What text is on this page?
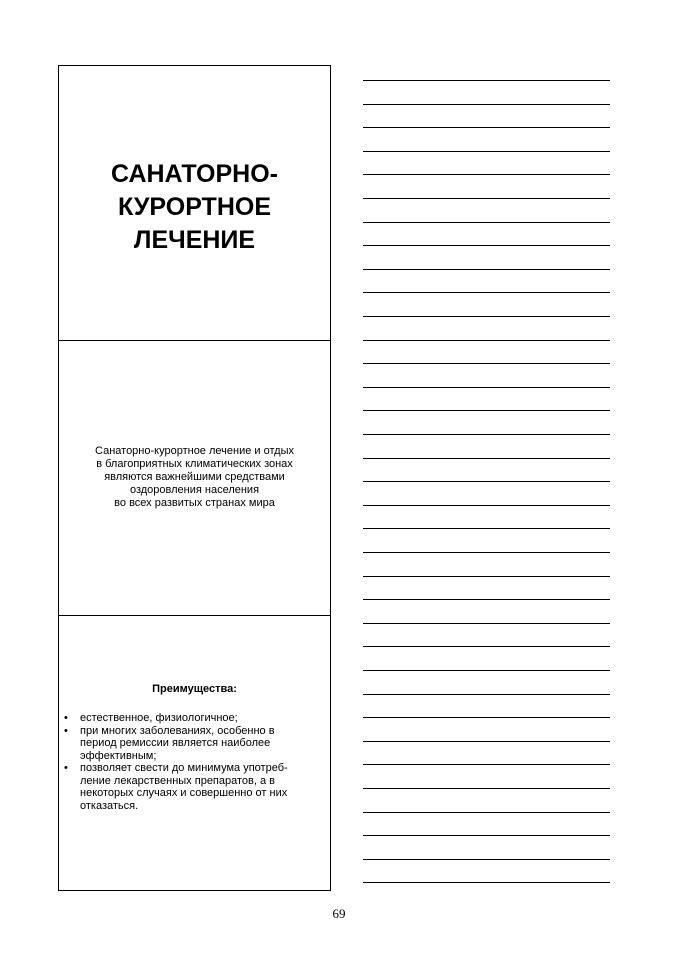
САНАТОРНО-
КУРОРТНОЕ
ЛЕЧЕНИЕ
Санаторно-курортное лечение и отдых
в благоприятных климатических зонах
являются важнейшими средствами
оздоровления населения
во всех развитых странах мира
Преимущества:
• естественное, физиологичное;
• при многих заболеваниях, особенно в
период ремиссии является наиболее
эффективным;
• позволяет свести до минимума употреб-
ление лекарственных препаратов, а в
некоторых случаях и совершенно от них
отказаться.
69
